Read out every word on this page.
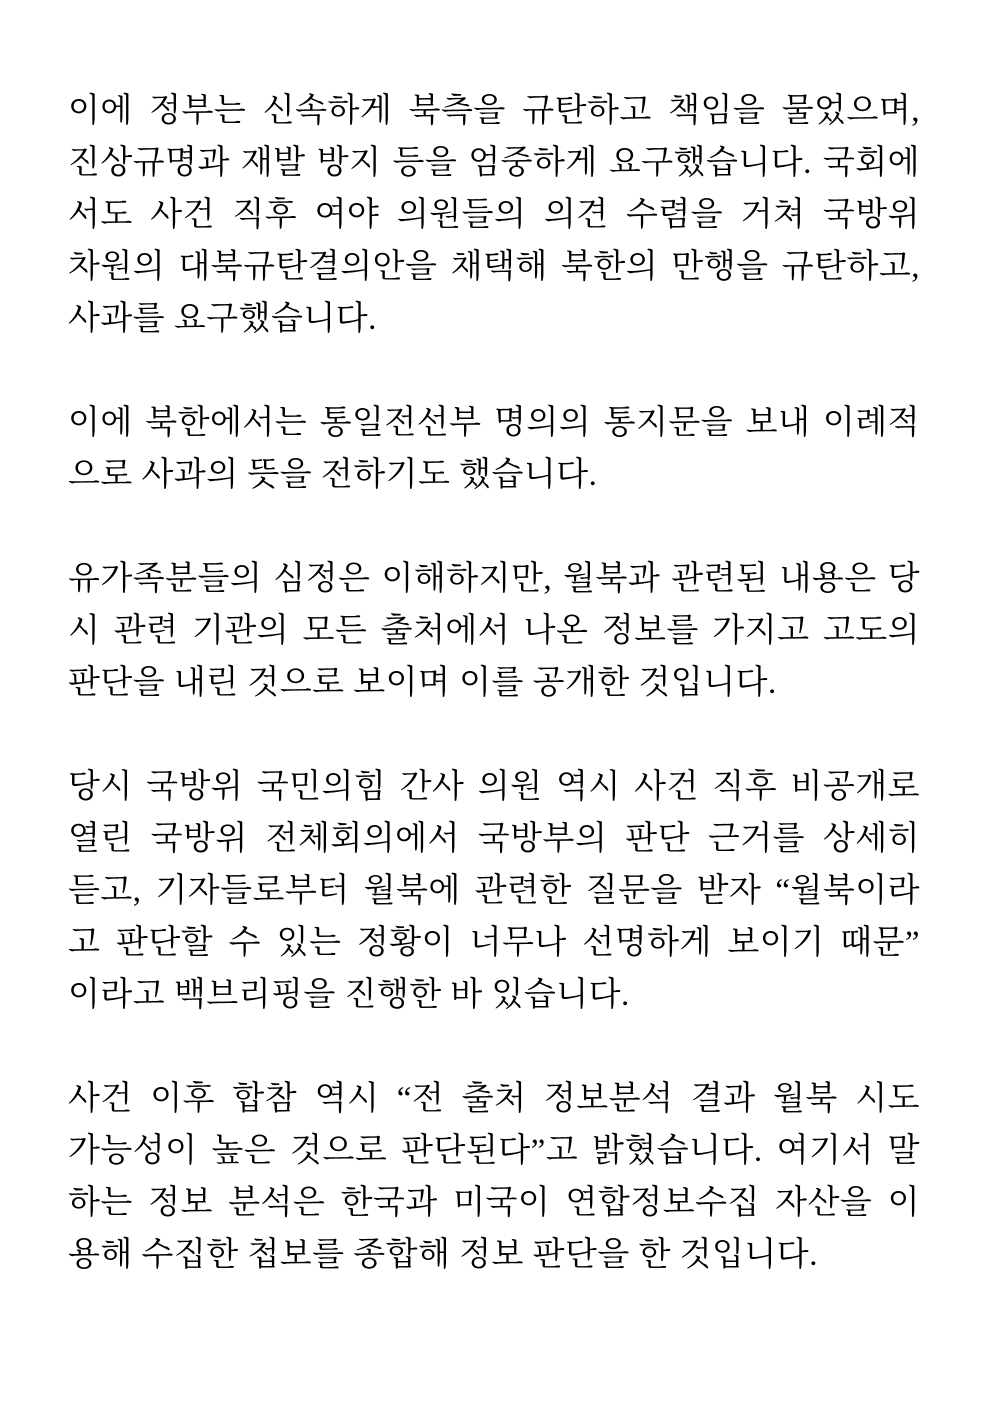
이에 정부는 신속하게 북측을 규탄하고 책임을 물었으며,
진상규명과 재발 방지 등을 엄중하게 요구했습니다. 국회에
서도 사건 직후 여야 의원들의 의견 수렴을 거쳐 국방위
차원의 대북규탄결의안을 채택해 북한의 만행을 규탄하고,
사과를 요구했습니다.

이에 북한에서는 통일전선부 명의의 통지문을 보내 이례적
으로 사과의 뜻을 전하기도 했습니다.

유가족분들의 심정은 이해하지만, 월북과 관련된 내용은 당
시 관련 기관의 모든 출처에서 나온 정보를 가지고 고도의
판단을 내린 것으로 보이며 이를 공개한 것입니다.

당시 국방위 국민의힘 간사 의원 역시 사건 직후 비공개로
열린 국방위 전체회의에서 국방부의 판단 근거를 상세히
듣고, 기자들로부터 월북에 관련한 질문을 받자 “월북이라
고 판단할 수 있는 정황이 너무나 선명하게 보이기 때문”
이라고 백브리핑을 진행한 바 있습니다.

사건 이후 합참 역시 “전 출처 정보분석 결과 월북 시도
가능성이 높은 것으로 판단된다”고 밝혔습니다. 여기서 말
하는 정보 분석은 한국과 미국이 연합정보수집 자산을 이
용해 수집한 첩보를 종합해 정보 판단을 한 것입니다.
